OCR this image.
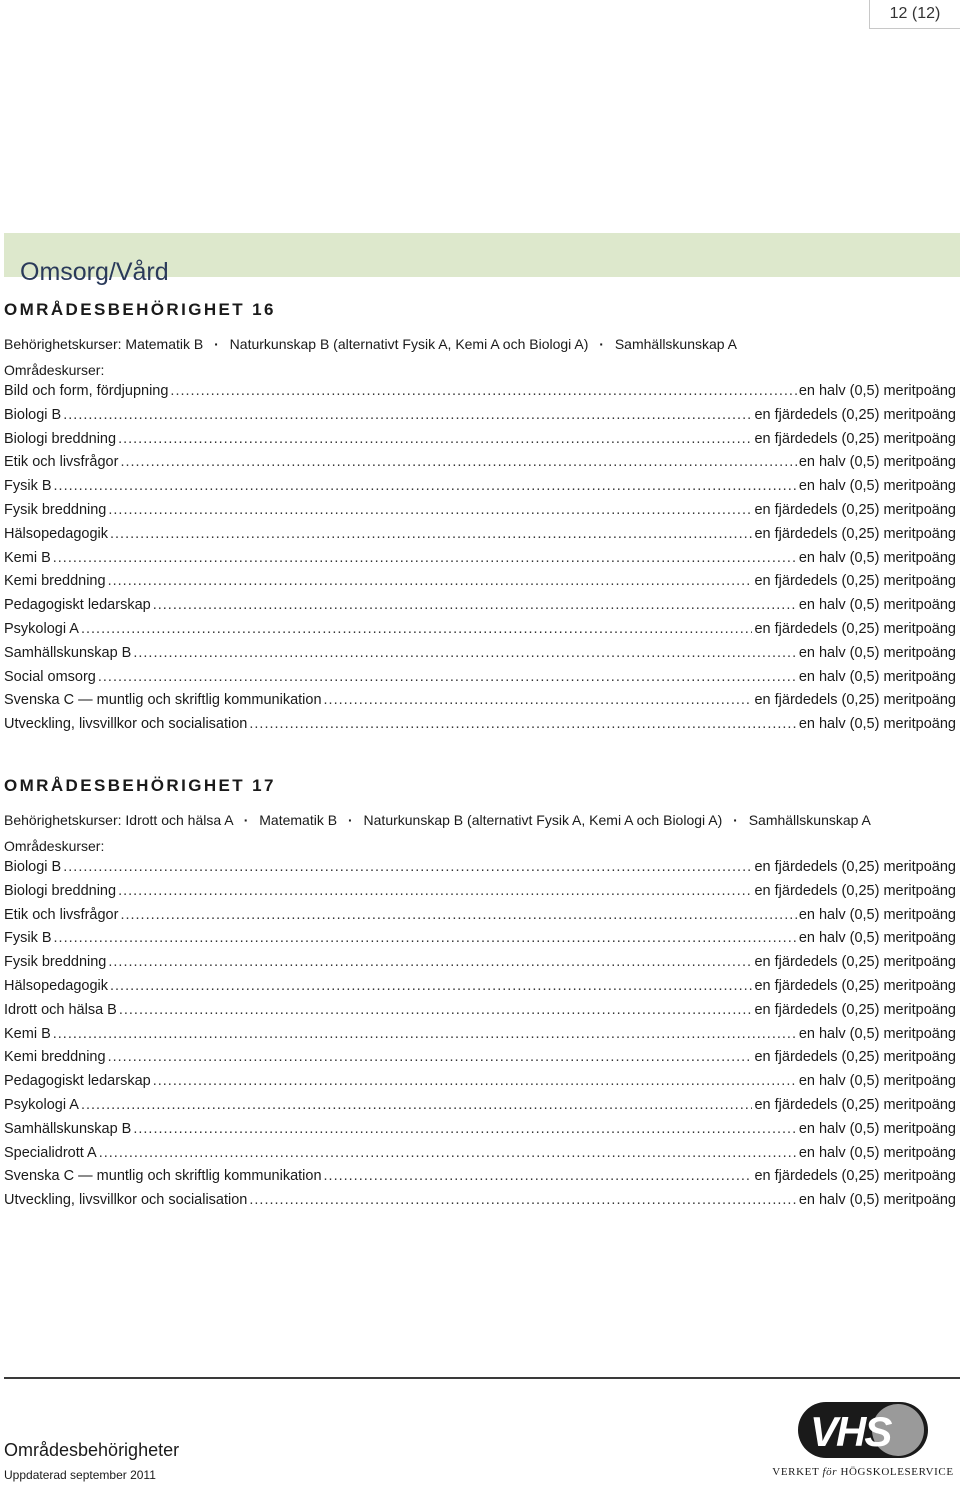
12 (12)
Omsorg/Vård
OMRÅDESBEHÖRIGHET 16
Behörighetskurser: Matematik B · Naturkunskap B (alternativt Fysik A, Kemi A och Biologi A) · Samhällskunskap A
Områdeskurser:
Bild och form, fördjupning .....	en halv (0,5) meritpoäng
Biologi B .....	en fjärdedels (0,25) meritpoäng
Biologi breddning .....	en fjärdedels (0,25) meritpoäng
Etik och livsfrågor .....	en halv (0,5) meritpoäng
Fysik B .....	en halv (0,5) meritpoäng
Fysik breddning .....	en fjärdedels (0,25) meritpoäng
Hälsopedagogik .....	en fjärdedels (0,25) meritpoäng
Kemi B .....	en halv (0,5) meritpoäng
Kemi breddning .....	en fjärdedels (0,25) meritpoäng
Pedagogiskt ledarskap .....	en halv (0,5) meritpoäng
Psykologi A .....	en fjärdedels (0,25) meritpoäng
Samhällskunskap B .....	en halv (0,5) meritpoäng
Social omsorg .....	en halv (0,5) meritpoäng
Svenska C — muntlig och skriftlig kommunikation .....	en fjärdedels (0,25) meritpoäng
Utveckling, livsvillkor och socialisation .....	en halv (0,5) meritpoäng
OMRÅDESBEHÖRIGHET 17
Behörighetskurser: Idrott och hälsa A · Matematik B · Naturkunskap B (alternativt Fysik A, Kemi A och Biologi A) · Samhällskunskap A
Områdeskurser:
Biologi B .....	en fjärdedels (0,25) meritpoäng
Biologi breddning .....	en fjärdedels (0,25) meritpoäng
Etik och livsfrågor .....	en halv (0,5) meritpoäng
Fysik B .....	en halv (0,5) meritpoäng
Fysik breddning .....	en fjärdedels (0,25) meritpoäng
Hälsopedagogik .....	en fjärdedels (0,25) meritpoäng
Idrott och hälsa B .....	en fjärdedels (0,25) meritpoäng
Kemi B .....	en halv (0,5) meritpoäng
Kemi breddning .....	en fjärdedels (0,25) meritpoäng
Pedagogiskt ledarskap .....	en halv (0,5) meritpoäng
Psykologi A .....	en fjärdedels (0,25) meritpoäng
Samhällskunskap B .....	en halv (0,5) meritpoäng
Specialidrott A .....	en halv (0,5) meritpoäng
Svenska C — muntlig och skriftlig kommunikation .....	en fjärdedels (0,25) meritpoäng
Utveckling, livsvillkor och socialisation .....	en halv (0,5) meritpoäng
Områdesbehörigheter
Uppdaterad september 2011
VHS
VERKET för HÖGSKOLESERVICE
